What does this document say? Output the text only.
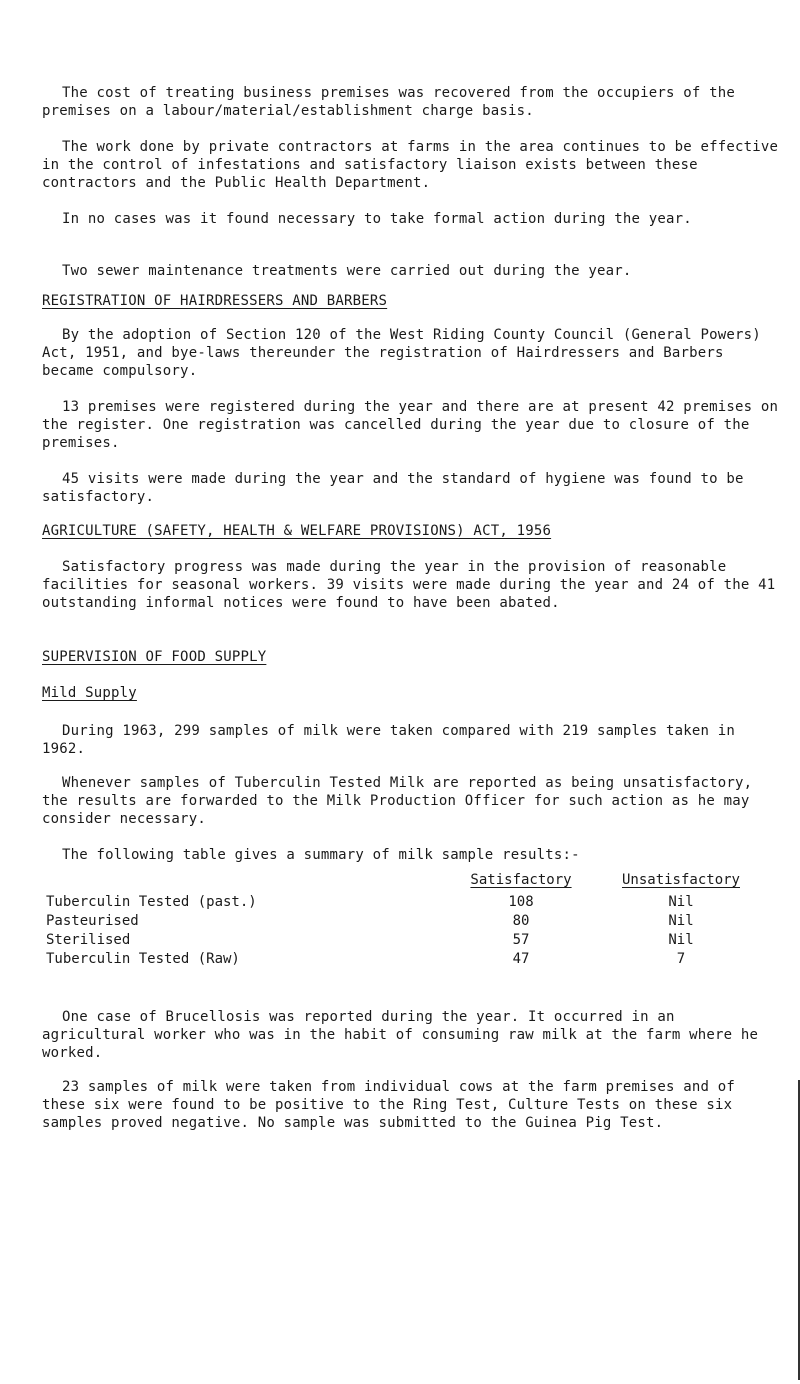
The cost of treating business premises was recovered from the occupiers of the premises on a labour/material/establishment charge basis.

The work done by private contractors at farms in the area continues to be effective in the control of infestations and satisfactory liaison exists between these contractors and the Public Health Department.

In no cases was it found necessary to take formal action during the year.

Two sewer maintenance treatments were carried out during the year.

REGISTRATION OF HAIRDRESSERS AND BARBERS

By the adoption of Section 120 of the West Riding County Council (General Powers) Act, 1951, and bye-laws thereunder the registration of Hairdressers and Barbers became compulsory.

13 premises were registered during the year and there are at present 42 premises on the register. One registration was cancelled during the year due to closure of the premises.

45 visits were made during the year and the standard of hygiene was found to be satisfactory.

AGRICULTURE (SAFETY, HEALTH & WELFARE PROVISIONS) ACT, 1956

Satisfactory progress was made during the year in the provision of reasonable facilities for seasonal workers. 39 visits were made during the year and 24 of the 41 outstanding informal notices were found to have been abated.

SUPERVISION OF FOOD SUPPLY

Mild Supply

During 1963, 299 samples of milk were taken compared with 219 samples taken in 1962.

Whenever samples of Tuberculin Tested Milk are reported as being unsatisfactory, the results are forwarded to the Milk Production Officer for such action as he may consider necessary.

The following table gives a summary of milk sample results:-

	Satisfactory	Unsatisfactory
Tuberculin Tested (past.)	108	Nil
Pasteurised	80	Nil
Sterilised	57	Nil
Tuberculin Tested (Raw)	47	7

One case of Brucellosis was reported during the year. It occurred in an agricultural worker who was in the habit of consuming raw milk at the farm where he worked.

23 samples of milk were taken from individual cows at the farm premises and of these six were found to be positive to the Ring Test, Culture Tests on these six samples proved negative. No sample was submitted to the Guinea Pig Test.
